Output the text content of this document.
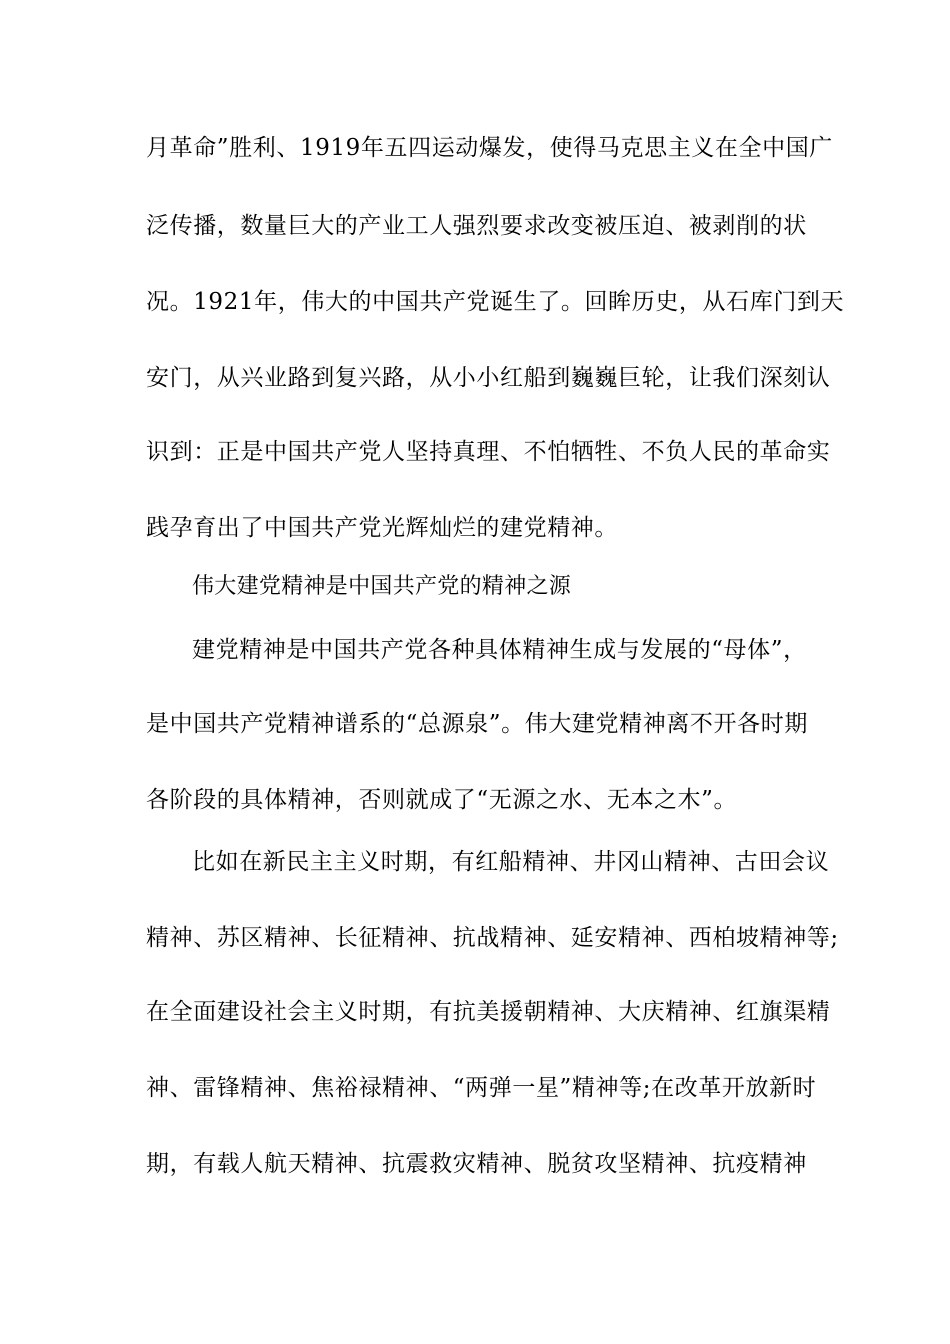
月革命”胜利、1919年五四运动爆发，使得马克思主义在全中国广
泛传播，数量巨大的产业工人强烈要求改变被压迫、被剥削的状
况。1921年，伟大的中国共产党诞生了。回眸历史，从石库门到天
安门，从兴业路到复兴路，从小小红船到巍巍巨轮，让我们深刻认
识到：正是中国共产党人坚持真理、不怕牺牲、不负人民的革命实
践孕育出了中国共产党光辉灿烂的建党精神。
伟大建党精神是中国共产党的精神之源
建党精神是中国共产党各种具体精神生成与发展的“母体”，
是中国共产党精神谱系的“总源泉”。伟大建党精神离不开各时期
各阶段的具体精神，否则就成了“无源之水、无本之木”。
比如在新民主主义时期，有红船精神、井冈山精神、古田会议
精神、苏区精神、长征精神、抗战精神、延安精神、西柏坡精神等;
在全面建设社会主义时期，有抗美援朝精神、大庆精神、红旗渠精
神、雷锋精神、焦裕禄精神、“两弹一星”精神等;在改革开放新时
期，有载人航天精神、抗震救灾精神、脱贫攻坚精神、抗疫精神
